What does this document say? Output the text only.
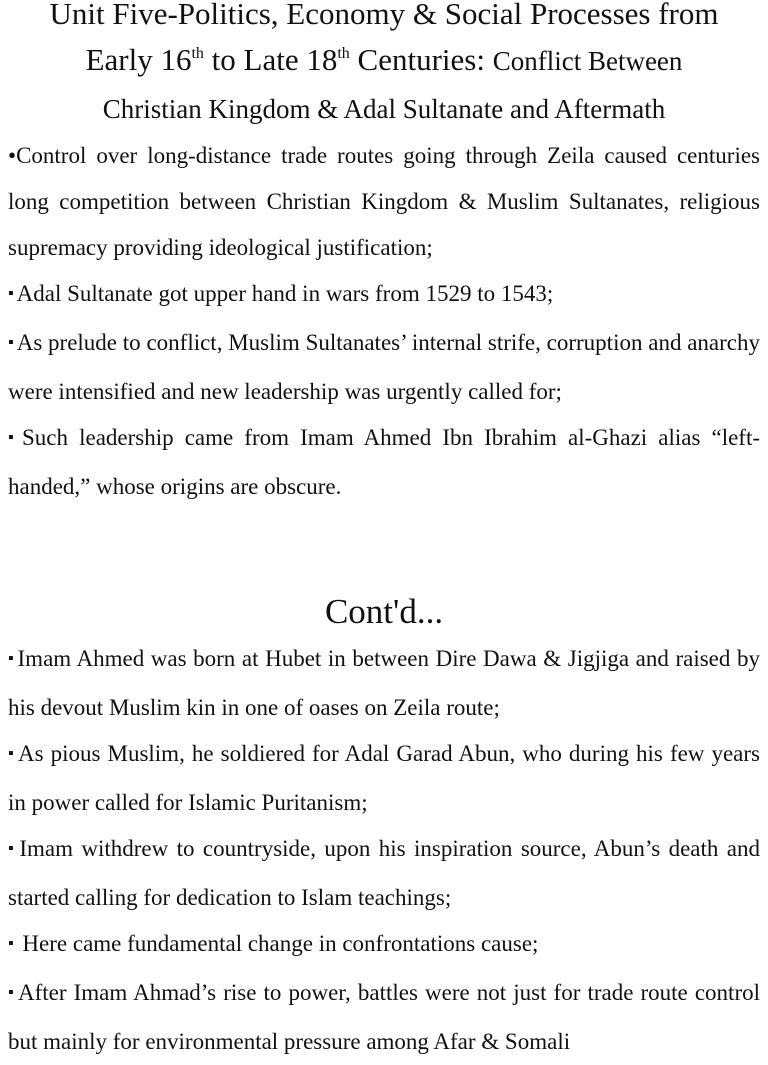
Unit Five-Politics, Economy & Social Processes from
Early 16th to Late 18th Centuries: Conflict Between
Christian Kingdom & Adal Sultanate and Aftermath
•Control over long-distance trade routes going through Zeila caused centuries long competition between Christian Kingdom & Muslim Sultanates, religious supremacy providing ideological justification;
▪ Adal Sultanate got upper hand in wars from 1529 to 1543;
▪ As prelude to conflict, Muslim Sultanates’ internal strife, corruption and anarchy were intensified and new leadership was urgently called for;
▪ Such leadership came from Imam Ahmed Ibn Ibrahim al-Ghazi alias “left-handed,” whose origins are obscure.
Cont'd...
▪ Imam Ahmed was born at Hubet in between Dire Dawa & Jigjiga and raised by his devout Muslim kin in one of oases on Zeila route;
▪ As pious Muslim, he soldiered for Adal Garad Abun, who during his few years in power called for Islamic Puritanism;
▪ Imam withdrew to countryside, upon his inspiration source, Abun’s death and started calling for dedication to Islam teachings;
▪ Here came fundamental change in confrontations cause;
▪ After Imam Ahmad’s rise to power, battles were not just for trade route control but mainly for environmental pressure among Afar & Somali
